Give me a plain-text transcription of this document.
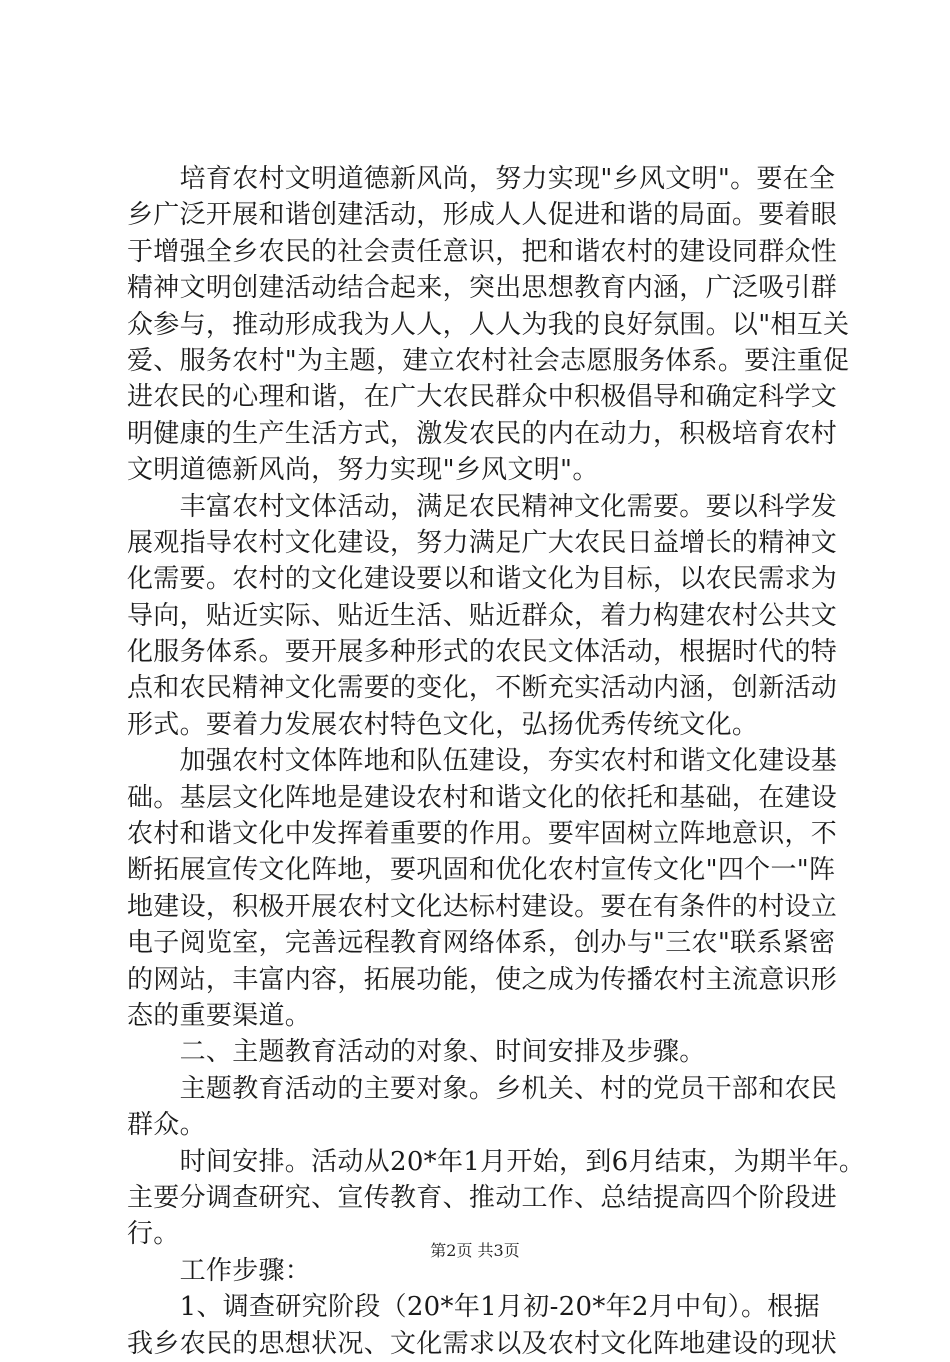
　　培育农村文明道德新风尚，努力实现"乡风文明"。要在全
乡广泛开展和谐创建活动，形成人人促进和谐的局面。要着眼
于增强全乡农民的社会责任意识，把和谐农村的建设同群众性
精神文明创建活动结合起来，突出思想教育内涵，广泛吸引群
众参与，推动形成我为人人，人人为我的良好氛围。以"相互关
爱、服务农村"为主题，建立农村社会志愿服务体系。要注重促
进农民的心理和谐，在广大农民群众中积极倡导和确定科学文
明健康的生产生活方式，激发农民的内在动力，积极培育农村
文明道德新风尚，努力实现"乡风文明"。
　　丰富农村文体活动，满足农民精神文化需要。要以科学发
展观指导农村文化建设，努力满足广大农民日益增长的精神文
化需要。农村的文化建设要以和谐文化为目标，以农民需求为
导向，贴近实际、贴近生活、贴近群众，着力构建农村公共文
化服务体系。要开展多种形式的农民文体活动，根据时代的特
点和农民精神文化需要的变化，不断充实活动内涵，创新活动
形式。要着力发展农村特色文化，弘扬优秀传统文化。
　　加强农村文体阵地和队伍建设，夯实农村和谐文化建设基
础。基层文化阵地是建设农村和谐文化的依托和基础，在建设
农村和谐文化中发挥着重要的作用。要牢固树立阵地意识，不
断拓展宣传文化阵地，要巩固和优化农村宣传文化"四个一"阵
地建设，积极开展农村文化达标村建设。要在有条件的村设立
电子阅览室，完善远程教育网络体系，创办与"三农"联系紧密
的网站，丰富内容，拓展功能，使之成为传播农村主流意识形
态的重要渠道。
　　二、主题教育活动的对象、时间安排及步骤。
　　主题教育活动的主要对象。乡机关、村的党员干部和农民
群众。
　　时间安排。活动从20*年1月开始，到6月结束，为期半年。
主要分调查研究、宣传教育、推动工作、总结提高四个阶段进
行。
　　工作步骤：
　　1、调查研究阶段（20*年1月初-20*年2月中旬）。根据
我乡农民的思想状况、文化需求以及农村文化阵地建设的现状
第2页 共3页
